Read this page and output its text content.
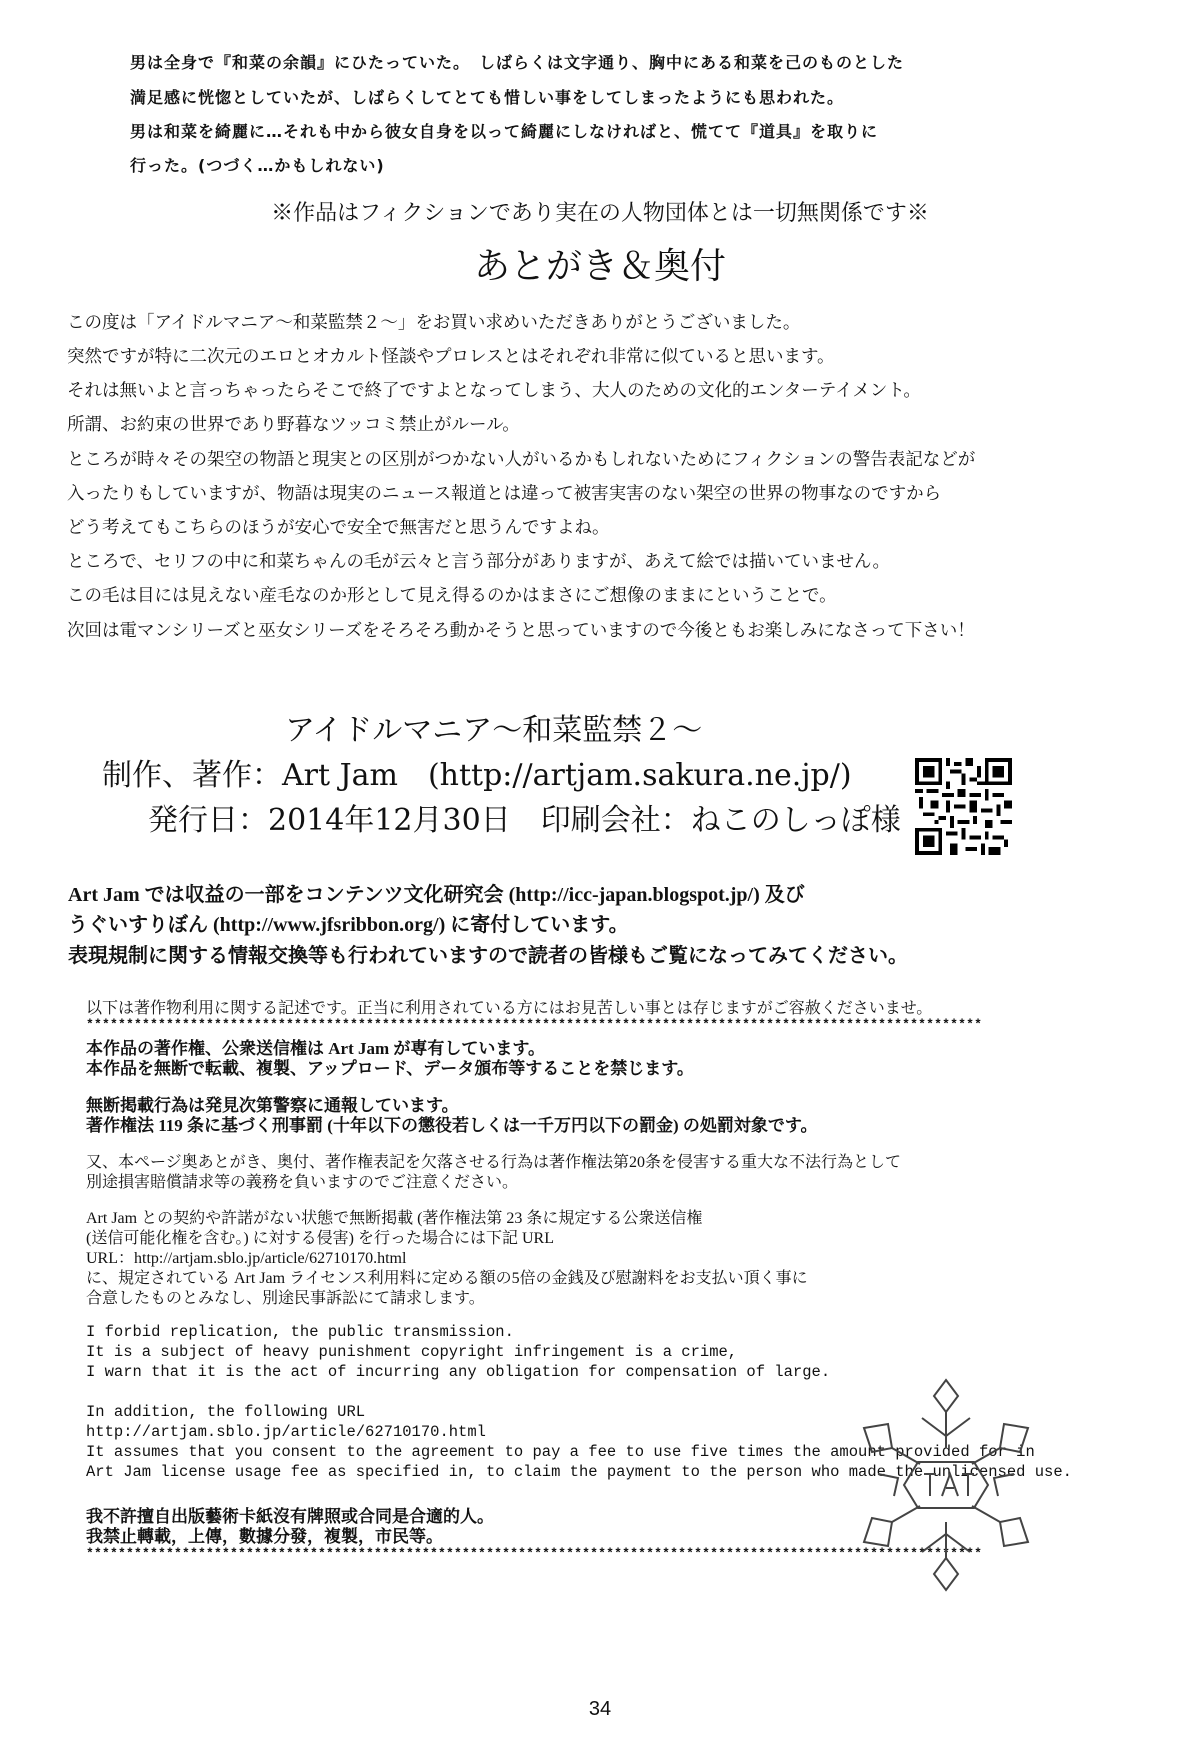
男は全身で『和菜の余韻』にひたっていた。　しばらくは文字通り、胸中にある和菜を己のものとした
満足感に恍惚としていたが、しばらくしてとても惜しい事をしてしまったようにも思われた。
男は和菜を綺麗に…それも中から彼女自身を以って綺麗にしなければと、慌てて『道具』を取りに
行った。(つづく…かもしれない)
※作品はフィクションであり実在の人物団体とは一切無関係です※
あとがき＆奥付
この度は「アイドルマニア～和菜監禁２～」をお買い求めいただきありがとうございました。
突然ですが特に二次元のエロとオカルト怪談やプロレスとはそれぞれ非常に似ていると思います。
それは無いよと言っちゃったらそこで終了ですよとなってしまう、大人のための文化的エンターテイメント。
所謂、お約束の世界であり野暮なツッコミ禁止がルール。
ところが時々その架空の物語と現実との区別がつかない人がいるかもしれないためにフィクションの警告表記などが
入ったりもしていますが、物語は現実のニュース報道とは違って被害実害のない架空の世界の物事なのですから
どう考えてもこちらのほうが安心で安全で無害だと思うんですよね。
ところで、セリフの中に和菜ちゃんの毛が云々と言う部分がありますが、あえて絵では描いていません。
この毛は目には見えない産毛なのか形として見え得るのかはまさにご想像のままにということで。
次回は電マンシリーズと巫女シリーズをそろそろ動かそうと思っていますので今後ともお楽しみになさって下さい！
アイドルマニア～和菜監禁２～
制作、著作：Art Jam　(http://artjam.sakura.ne.jp/)
発行日：2014年12月30日　印刷会社：ねこのしっぽ様
Art Jam では収益の一部をコンテンツ文化研究会 (http://icc-japan.blogspot.jp/) 及び
うぐいすりぼん (http://www.jfsribbon.org/) に寄付しています。
表現規制に関する情報交換等も行われていますので読者の皆様もご覧になってみてください。
以下は著作物利用に関する記述です。正当に利用されている方にはお見苦しい事とは存じますがご容赦くださいませ。
****************************************************************************************************************
本作品の著作権、公衆送信権は Art Jam が専有しています。
本作品を無断で転載、複製、アップロード、データ頒布等することを禁じます。
無断掲載行為は発見次第警察に通報しています。
著作権法 119 条に基づく刑事罰 (十年以下の懲役若しくは一千万円以下の罰金) の処罰対象です。
又、本ページ奥あとがき、奥付、著作権表記を欠落させる行為は著作権法第20条を侵害する重大な不法行為として
別途損害賠償請求等の義務を負いますのでご注意ください。
Art Jam との契約や許諾がない状態で無断掲載 (著作権法第 23 条に規定する公衆送信権
(送信可能化権を含む。) に対する侵害) を行った場合には下記 URL
URL：http://artjam.sblo.jp/article/62710170.html
に、規定されている Art Jam ライセンス利用料に定める額の5倍の金銭及び慰謝料をお支払い頂く事に
合意したものとみなし、別途民事訴訟にて請求します。
I forbid replication, the public transmission.
It is a subject of heavy punishment copyright infringement is a crime,
I warn that it is the act of incurring any obligation for compensation of large.
In addition, the following URL
http://artjam.sblo.jp/article/62710170.html
It assumes that you consent to the agreement to pay a fee to use five times the amount provided for in
Art Jam license usage fee as specified in, to claim the payment to the person who made the unlicensed use.
我不許擅自出版藝術卡紙沒有牌照或合同是合適的人。
我禁止轉載，上傳，數據分發，複製，市民等。
****************************************************************************************************************
34
